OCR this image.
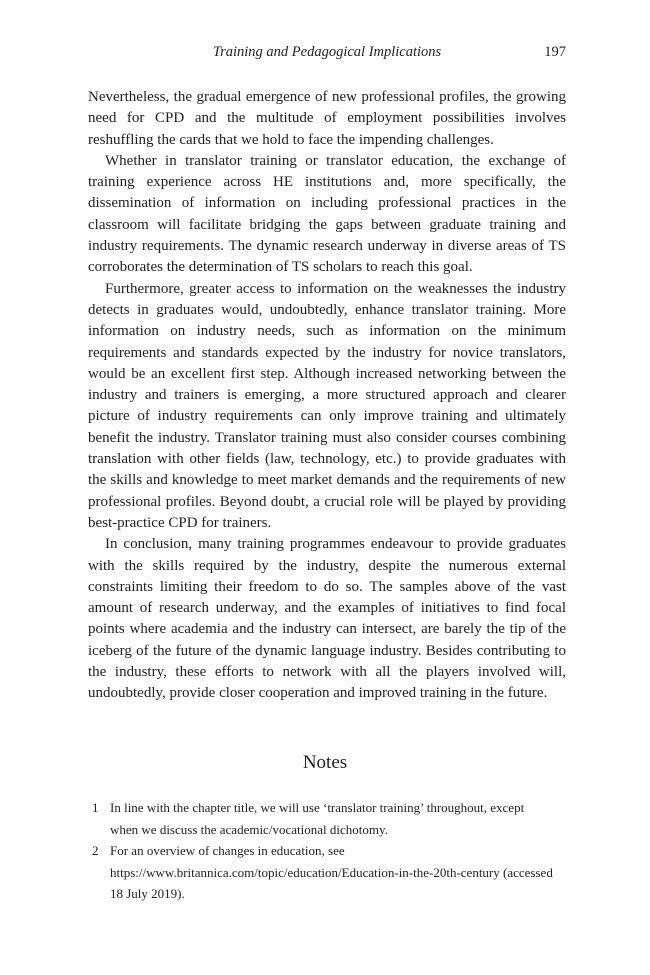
Training and Pedagogical Implications	197

Nevertheless, the gradual emergence of new professional profiles, the growing need for CPD and the multitude of employment possibilities involves reshuffling the cards that we hold to face the impending challenges.

Whether in translator training or translator education, the exchange of training experience across HE institutions and, more specifically, the dissemination of information on including professional practices in the classroom will facilitate bridging the gaps between graduate training and industry requirements. The dynamic research underway in diverse areas of TS corroborates the determination of TS scholars to reach this goal.

Furthermore, greater access to information on the weaknesses the industry detects in graduates would, undoubtedly, enhance translator training. More information on industry needs, such as information on the minimum requirements and standards expected by the industry for novice translators, would be an excellent first step. Although increased networking between the industry and trainers is emerging, a more structured approach and clearer picture of industry requirements can only improve training and ultimately benefit the industry. Translator training must also consider courses combining translation with other fields (law, technology, etc.) to provide graduates with the skills and knowledge to meet market demands and the requirements of new professional profiles. Beyond doubt, a crucial role will be played by providing best-practice CPD for trainers.

In conclusion, many training programmes endeavour to provide graduates with the skills required by the industry, despite the numerous external constraints limiting their freedom to do so. The samples above of the vast amount of research underway, and the examples of initiatives to find focal points where academia and the industry can intersect, are barely the tip of the iceberg of the future of the dynamic language industry. Besides contributing to the industry, these efforts to network with all the players involved will, undoubtedly, provide closer cooperation and improved training in the future.

Notes
1 In line with the chapter title, we will use ‘translator training’ throughout, except when we discuss the academic/vocational dichotomy.
2 For an overview of changes in education, see https://www.britannica.com/topic/education/Education-in-the-20th-century (accessed 18 July 2019).
